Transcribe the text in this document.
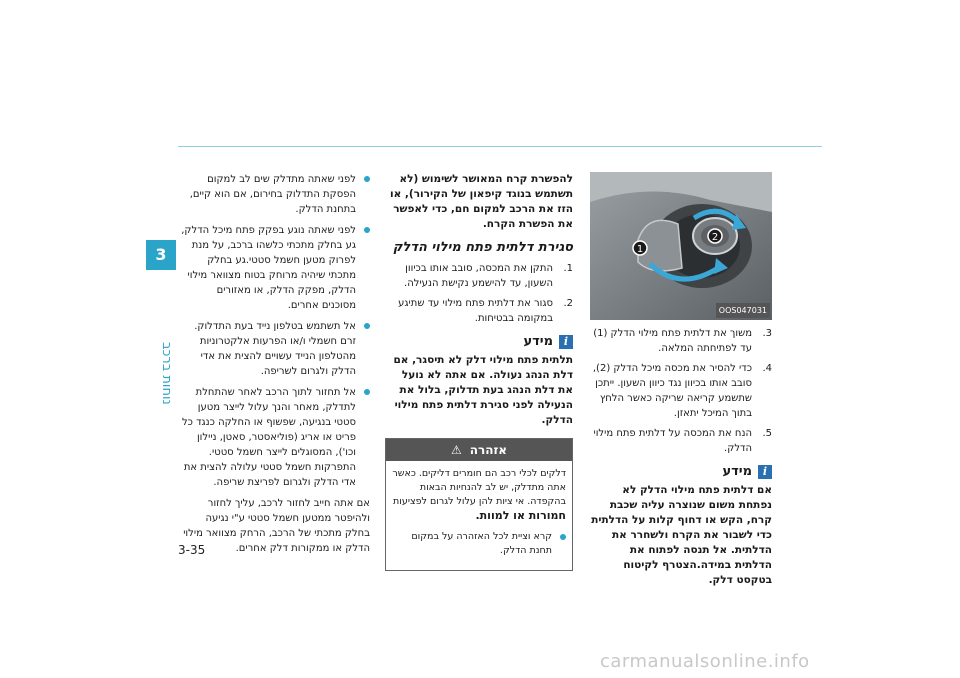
3
נוחות ברכב
לפני שאתה מתדלק שים לב למקום הפסקת התדלוק בחירום, אם הוא קיים, בתחנת הדלק.
לפני שאתה נוגע בפקק פתח מיכל הדלק, גע בחלק מתכתי כלשהו ברכב, על מנת לפרוק מטען חשמל סטטי.גע בחלק מתכתי שיהיה מרוחק בטוח מצוואר מילוי הדלק, מפקק הדלק, או מאזורים מסוכנים אחרים.
אל תשתמש בטלפון נייד בעת התדלוק. זרם חשמלי ו/או הפרעות אלקטרוניות מהטלפון הנייד עשויים להצית את אדי הדלק ולגרום לשריפה.
אל תחזור לתוך הרכב לאחר שהתחלת לתדלק, מאחר והנך עלול לייצר מטען סטטי בנגיעה, שפשוף או החלקה כנגד כל פריט או אריג (פוליאסטר, סאטן, ניילון וכו'), המסוגלים לייצר חשמל סטטי. התפרקות חשמל סטטי עלולה להצית את אדי הדלק ולגרום לפריצת שריפה.
אם אתה חייב לחזור לרכב, עליך לחזור ולהיפטר ממטען חשמל סטטי ע"י נגיעה בחלק מתכתי של הרכב, הרחק מצוואר מילוי הדלק או ממקורות דלק אחרים.
להפשרת קרח המאושר לשימוש (לא תשתמש בנוגד קיפאון של הקירור), או הזז את הרכב למקום חם, כדי לאפשר את הפשרת הקרח.
סגירת דלתית פתח מילוי הדלק
1.
התקן את המכסה, סובב אותו בכיוון השעון, עד להישמע נקישת הנעילה.
2.
סגור את דלתית פתח מילוי עד שתיגע במקומה בבטיחות.
i
מידע
תלתית פתח מילוי דלק לא תיסגר, אם דלת הנהג נעולה. אם אתה לא נועל את דלת הנהג בעת תדלוק, בלול את הנעילה לפני סגירת דלתית פתח מילוי הדלק.
אזהרה
⚠
דלקים לכלי רכב הם חומרים דליקים. כאשר אתה מתדלק, יש לב להנחיות הבאות בהקפדה. אי ציות להן עלול לגרום לפציעות חמורות או למוות.
קרא וציית לכל האזהרה על במקום תחנת הדלק.
1
2
OOS047031
3.
משוך את דלתית פתח מילוי הדלק (1) עד לפתיחתה המלאה.
4.
כדי להסיר את מכסה מיכל הדלק (2), סובב אותו בכיוון נגד כיוון השעון. ייתכן שתשמע קריאה שריקה כאשר הלחץ בתוך המיכל יתאזן.
5.
הנח את המכסה על דלתית פתח מילוי הדלק.
i
מידע
אם דלתית פתח מילוי הדלק לא נפתחת משום שנוצרה עליה שכבת קרח, הקש או דחוף קלות על הדלתית כדי לשבור את הקרח ולשחרר את הדלתית. אל תנסה לפתוח את הדלתית במידה.הצטרף לקיטוח בטקסט דלק.
3-35
carmanualsonline.info
